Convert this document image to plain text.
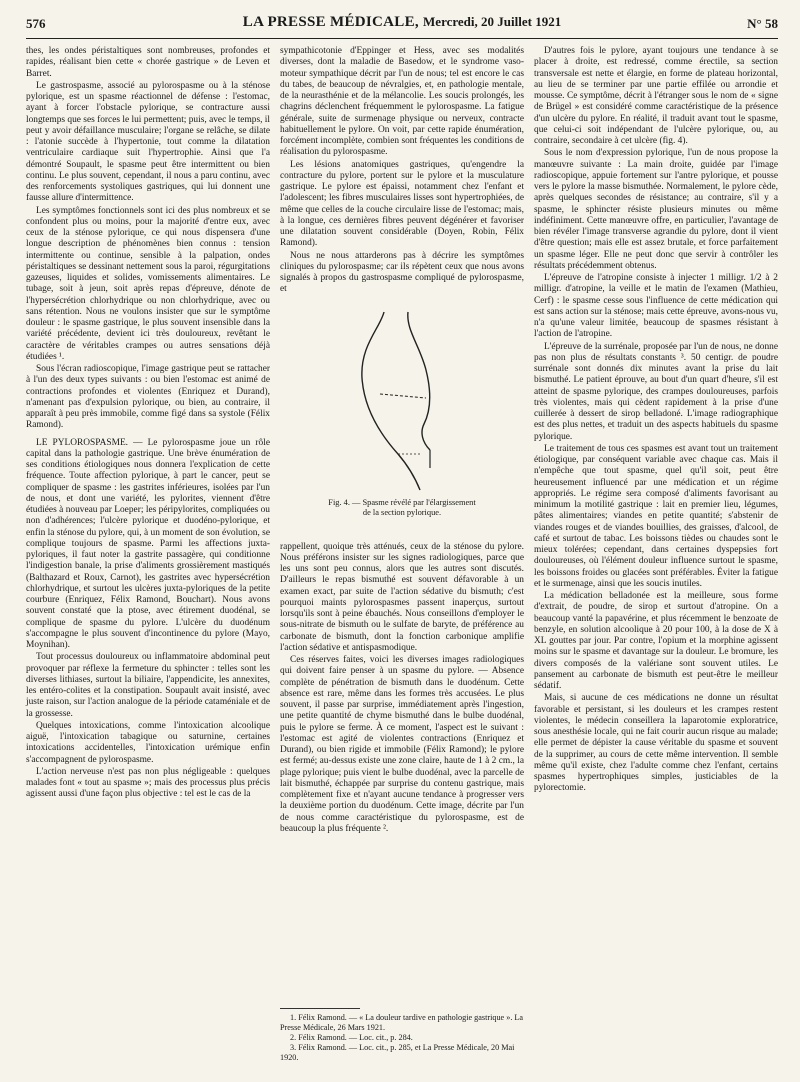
576	LA PRESSE MÉDICALE, Mercredi, 20 Juillet 1921	N° 58

thes, les ondes péristaltiques sont nombreuses, profondes et rapides, réalisant bien cette « chorée gastrique » de Leven et Barret.

Le gastrospasme, associé au pylorospasme ou à la sténose pylorique, est un spasme réactionnel de défense : l'estomac, ayant à forcer l'obstacle pylorique, se contracture aussi longtemps que ses forces le lui permettent; puis, avec le temps, il peut y avoir défaillance musculaire; l'organe se relâche, se dilate : l'atonie succède à l'hypertonie, tout comme la dilatation ventriculaire cardiaque suit l'hypertrophie. Ainsi que l'a démontré Soupault, le spasme peut être intermittent ou bien continu. Le plus souvent, cependant, il nous a paru continu, avec des renforcements systoliques gastriques, qui lui donnent une fausse allure d'intermittence.

Les symptômes fonctionnels sont ici des plus nombreux et se confondent plus ou moins, pour la majorité d'entre eux, avec ceux de la sténose pylorique, ce qui nous dispensera d'une longue description de phénomènes bien connus : tension intermittente ou continue, sensible à la palpation, ondes péristaltiques se dessinant nettement sous la paroi, régurgitations gazeuses, liquides et solides, vomissements alimentaires. Le tubage, soit à jeun, soit après repas d'épreuve, dénote de l'hypersécrétion chlorhydrique ou non chlorhydrique, avec ou sans rétention. Nous ne voulons insister que sur le symptôme douleur : le spasme gastrique, le plus souvent insensible dans la variété précédente, devient ici très douloureux, revêtant le caractère de véritables crampes ou autres sensations déjà étudiées ¹.

Sous l'écran radioscopique, l'image gastrique peut se rattacher à l'un des deux types suivants : ou bien l'estomac est animé de contractions profondes et violentes (Enriquez et Durand), n'amenant pas d'expulsion pylorique, ou bien, au contraire, il apparaît à peu près immobile, comme figé dans sa systole (Félix Ramond).

LE PYLOROSPASME. — Le pylorospasme joue un rôle capital dans la pathologie gastrique. Une brève énumération de ses conditions étiologiques nous donnera l'explication de cette fréquence. Toute affection pylorique, à part le cancer, peut se compliquer de spasme : les gastrites inférieures, isolées par l'un de nous, et dont une variété, les pylorites, viennent d'être étudiées à nouveau par Loeper; les péripylorites, compliquées ou non d'adhérences; l'ulcère pylorique et duodéno-pylorique, et enfin la sténose du pylore, qui, à un moment de son évolution, se complique toujours de spasme. Parmi les affections juxta-pyloriques, il faut noter la gastrite passagère, qui conditionne l'indigestion banale, la prise d'aliments grossièrement mastiqués (Balthazard et Roux, Carnot), les gastrites avec hypersécrétion chlorhydrique, et surtout les ulcères juxta-pyloriques de la petite courbure (Enriquez, Félix Ramond, Bouchart). Nous avons souvent constaté que la ptose, avec étirement duodénal, se complique de spasme du pylore. L'ulcère du duodénum s'accompagne le plus souvent d'incontinence du pylore (Mayo, Moynihan).

Tout processus douloureux ou inflammatoire abdominal peut provoquer par réflexe la fermeture du sphincter : telles sont les diverses lithiases, surtout la biliaire, l'appendicite, les annexites, les entéro-colites et la constipation. Soupault avait insisté, avec juste raison, sur l'action analogue de la période cataméniale et de la grossesse.

Quelques intoxications, comme l'intoxication alcoolique aiguë, l'intoxication tabagique ou saturnine, certaines intoxications accidentelles, l'intoxication urémique enfin s'accompagnent de pylorospasme.

L'action nerveuse n'est pas non plus négligeable : quelques malades font « tout au spasme »; mais des processus plus précis agissent aussi d'une façon plus objective : tel est le cas de la

sympathicotonie d'Eppinger et Hess, avec ses modalités diverses, dont la maladie de Basedow, et le syndrome vaso-moteur sympathique décrit par l'un de nous; tel est encore le cas du tabes, de beaucoup de névralgies, et, en pathologie mentale, de la neurasthénie et de la mélancolie. Les soucis prolongés, les chagrins déclenchent fréquemment le pylorospasme. La fatigue générale, suite de surmenage physique ou nerveux, contracte habituellement le pylore. On voit, par cette rapide énumération, forcément incomplète, combien sont fréquentes les conditions de réalisation du pylorospasme.

Les lésions anatomiques gastriques, qu'engendre la contracture du pylore, portent sur le pylore et la musculature gastrique. Le pylore est épaissi, notamment chez l'enfant et l'adolescent; les fibres musculaires lisses sont hypertrophiées, de même que celles de la couche circulaire lisse de l'estomac; mais, à la longue, ces dernières fibres peuvent dégénérer et favoriser une dilatation souvent considérable (Doyen, Robin, Félix Ramond).

Nous ne nous attarderons pas à décrire les symptômes cliniques du pylorospasme; car ils répètent ceux que nous avons signalés à propos du gastrospasme compliqué de pylorospasme, et

Fig. 4. — Spasme révélé par l'élargissement
de la section pylorique.

rappellent, quoique très atténués, ceux de la sténose du pylore. Nous préférons insister sur les signes radiologiques, parce que les uns sont peu connus, alors que les autres sont discutés. D'ailleurs le repas bismuthé est souvent défavorable à un examen exact, par suite de l'action sédative du bismuth; c'est pourquoi maints pylorospasmes passent inaperçus, surtout lorsqu'ils sont à peine ébauchés. Nous conseillons d'employer le sous-nitrate de bismuth ou le sulfate de baryte, de préférence au carbonate de bismuth, dont la fonction carbonique amplifie l'action sédative et antispasmodique.

Ces réserves faites, voici les diverses images radiologiques qui doivent faire penser à un spasme du pylore. — Absence complète de pénétration de bismuth dans le duodénum. Cette absence est rare, même dans les formes très accusées. Le plus souvent, il passe par surprise, immédiatement après l'ingestion, une petite quantité de chyme bismuthé dans le bulbe duodénal, puis le pylore se ferme. À ce moment, l'aspect est le suivant : l'estomac est agité de violentes contractions (Enriquez et Durand), ou bien rigide et immobile (Félix Ramond); le pylore est fermé; au-dessus existe une zone claire, haute de 1 à 2 cm., la plage pylorique; puis vient le bulbe duodénal, avec la parcelle de lait bismuthé, échappée par surprise du contenu gastrique, mais complètement fixe et n'ayant aucune tendance à progresser vers la deuxième portion du duodénum. Cette image, décrite par l'un de nous comme caractéristique du pylorospasme, est de beaucoup la plus fréquente ².

1. Félix Ramond. — « La douleur tardive en pathologie gastrique ». La Presse Médicale, 26 Mars 1921.
2. Félix Ramond. — Loc. cit., p. 284.
3. Félix Ramond. — Loc. cit., p. 285, et La Presse Médicale, 20 Mai 1920.

D'autres fois le pylore, ayant toujours une tendance à se placer à droite, est redressé, comme érectile, sa section transversale est nette et élargie, en forme de plateau horizontal, au lieu de se terminer par une partie effilée ou arrondie et mousse. Ce symptôme, décrit à l'étranger sous le nom de « signe de Brügel » est considéré comme caractéristique de la présence d'un ulcère du pylore. En réalité, il traduit avant tout le spasme, que celui-ci soit indépendant de l'ulcère pylorique, ou, au contraire, secondaire à cet ulcère (fig. 4).

Sous le nom d'expression pylorique, l'un de nous propose la manœuvre suivante : La main droite, guidée par l'image radioscopique, appuie fortement sur l'antre pylorique, et pousse vers le pylore la masse bismuthée. Normalement, le pylore cède, après quelques secondes de résistance; au contraire, s'il y a spasme, le sphincter résiste plusieurs minutes ou même indéfiniment. Cette manœuvre offre, en particulier, l'avantage de bien révéler l'image transverse agrandie du pylore, dont il vient d'être question; mais elle est assez brutale, et force parfaitement un spasme léger. Elle ne peut donc que servir à contrôler les résultats précédemment obtenus.

L'épreuve de l'atropine consiste à injecter 1 milligr. 1/2 à 2 milligr. d'atropine, la veille et le matin de l'examen (Mathieu, Cerf) : le spasme cesse sous l'influence de cette médication qui est sans action sur la sténose; mais cette épreuve, avons-nous vu, n'a qu'une valeur limitée, beaucoup de spasmes résistant à l'action de l'atropine.

L'épreuve de la surrénale, proposée par l'un de nous, ne donne pas non plus de résultats constants ³. 50 centigr. de poudre surrénale sont donnés dix minutes avant la prise du lait bismuthé. Le patient éprouve, au bout d'un quart d'heure, s'il est atteint de spasme pylorique, des crampes douloureuses, parfois très violentes, mais qui cèdent rapidement à la prise d'une cuillerée à dessert de sirop belladoné. L'image radiographique est des plus nettes, et traduit un des aspects habituels du spasme pylorique.

Le traitement de tous ces spasmes est avant tout un traitement étiologique, par conséquent variable avec chaque cas. Mais il n'empêche que tout spasme, quel qu'il soit, peut être heureusement influencé par une médication et un régime appropriés. Le régime sera composé d'aliments favorisant au minimum la motilité gastrique : lait en premier lieu, légumes, pâtes alimentaires; viandes en petite quantité; s'abstenir de viandes rouges et de viandes bouillies, des graisses, d'alcool, de café et surtout de tabac. Les boissons tièdes ou chaudes sont le mieux tolérées; cependant, dans certaines dyspepsies fort douloureuses, où l'élément douleur influence surtout le spasme, les boissons froides ou glacées sont préférables. Éviter la fatigue et le surmenage, ainsi que les soucis inutiles.

La médication belladonée est la meilleure, sous forme d'extrait, de poudre, de sirop et surtout d'atropine. On a beaucoup vanté la papavérine, et plus récemment le benzoate de benzyle, en solution alcoolique à 20 pour 100, à la dose de X à XL gouttes par jour. Par contre, l'opium et la morphine agissent moins sur le spasme et davantage sur la douleur. Le bromure, les divers composés de la valériane sont souvent utiles. Le pansement au carbonate de bismuth est peut-être le meilleur sédatif.

Mais, si aucune de ces médications ne donne un résultat favorable et persistant, si les douleurs et les crampes restent violentes, le médecin conseillera la laparotomie exploratrice, sous anesthésie locale, qui ne fait courir aucun risque au malade; elle permet de dépister la cause véritable du spasme et souvent de la supprimer, au cours de cette même intervention. Il semble même qu'il existe, chez l'adulte comme chez l'enfant, certains spasmes hypertrophiques simples, justiciables de la pylorectomie.
